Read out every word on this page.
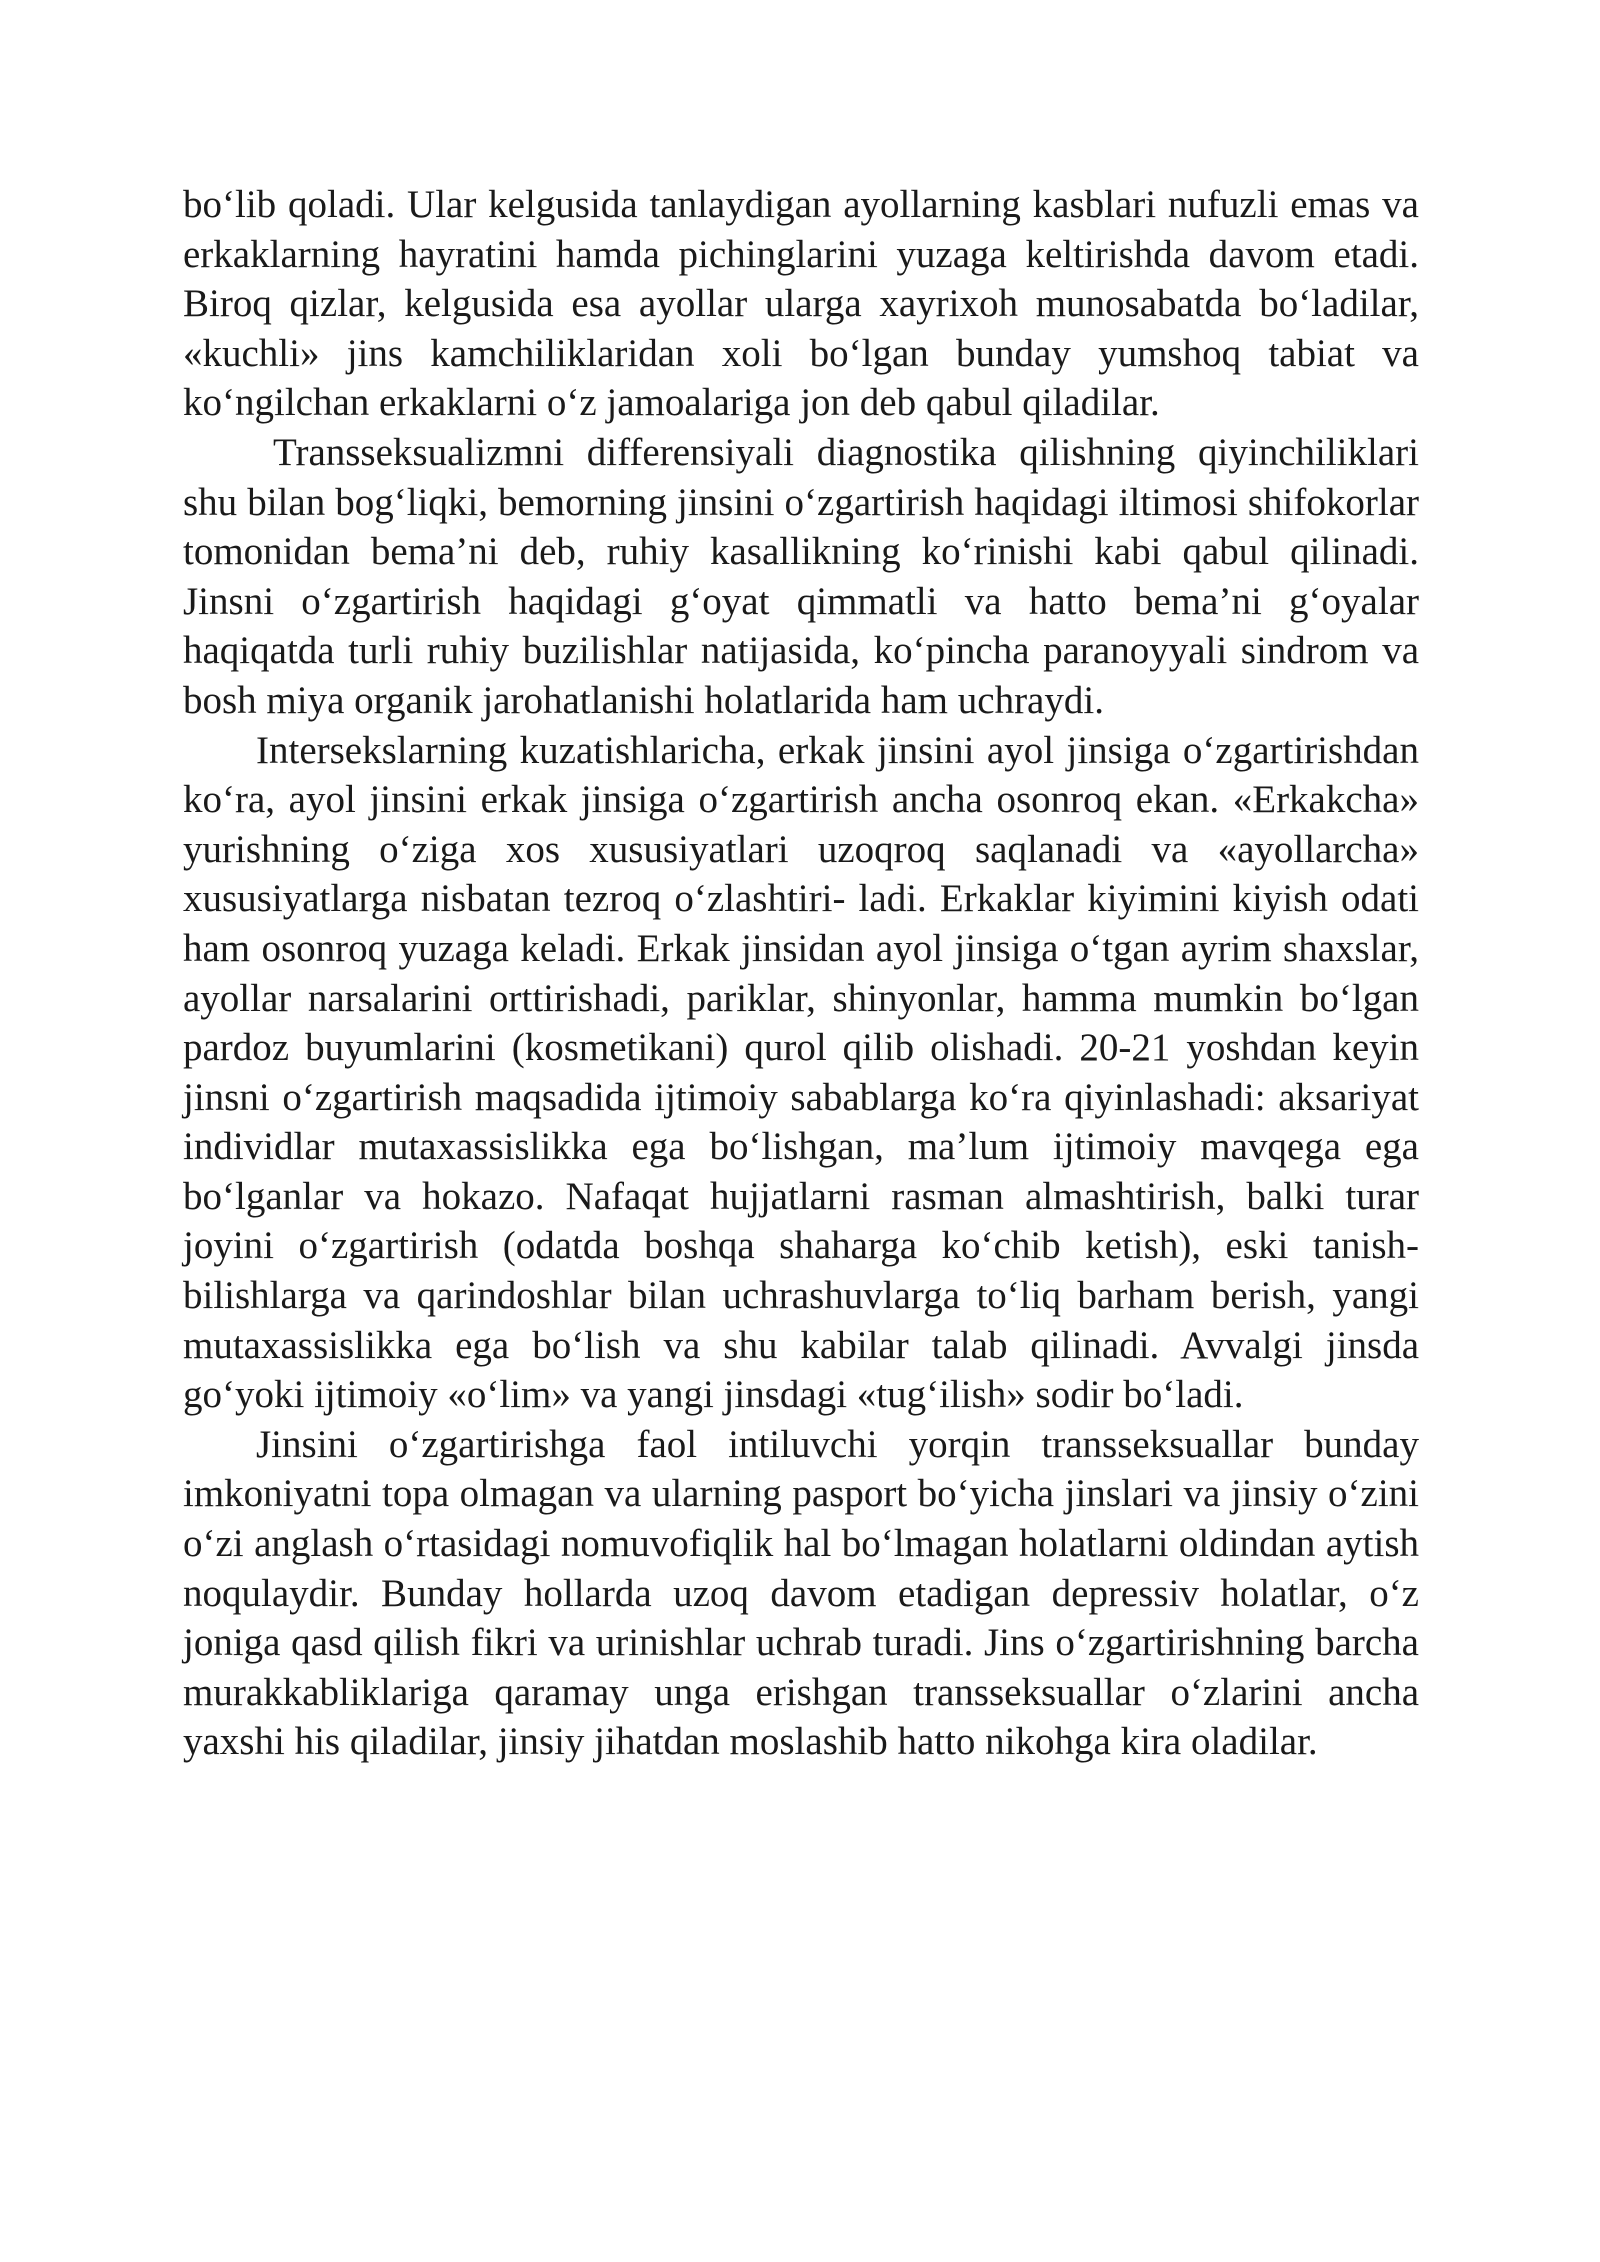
bo‘lib qoladi. Ular kelgusida tanlaydigan ayollarning kasblari nufuzli emas va erkaklarning hayratini hamda pichinglarini yuzaga keltirishda davom etadi. Biroq qizlar, kelgusida esa ayollar ularga xayrixoh munosabatda bo‘ladilar, «kuchli» jins kamchiliklaridan xoli bo‘lgan bunday yumshoq tabiat va ko‘ngilchan erkaklarni o‘z jamoalariga jon deb qabul qiladilar.

Transseksualizmni differensiyali diagnostika qilishning qiyinchiliklari shu bilan bog‘liqki, bemorning jinsini o‘zgartirish haqidagi iltimosi shifokorlar tomonidan bema’ni deb, ruhiy kasallikning ko‘rinishi kabi qabul qilinadi. Jinsni o‘zgartirish haqidagi g‘oyat qimmatli va hatto bema’ni g‘oyalar haqiqatda turli ruhiy buzilishlar natijasida, ko‘pincha paranoyyali sindrom va bosh miya organik jarohatlanishi holatlarida ham uchraydi.

Intersekslarning kuzatishlaricha, erkak jinsini ayol jinsiga o‘zgartirishdan ko‘ra, ayol jinsini erkak jinsiga o‘zgartirish ancha osonroq ekan. «Erkakcha» yurishning o‘ziga xos xususiyatlari uzoqroq saqlanadi va «ayollarcha» xususiyatlarga nisbatan tezroq o‘zlashtiri- ladi. Erkaklar kiyimini kiyish odati ham osonroq yuzaga keladi. Erkak jinsidan ayol jinsiga o‘tgan ayrim shaxslar, ayollar narsalarini orttirishadi, pariklar, shinyonlar, hamma mumkin bo‘lgan pardoz buyumlarini (kosmetikani) qurol qilib olishadi. 20-21 yoshdan keyin jinsni o‘zgartirish maqsadida ijtimoiy sabablarga ko‘ra qiyinlashadi: aksariyat individlar mutaxassislikka ega bo‘lishgan, ma’lum ijtimoiy mavqega ega bo‘lganlar va hokazo. Nafaqat hujjatlarni rasman almashtirish, balki turar joyini o‘zgartirish (odatda boshqa shaharga ko‘chib ketish), eski tanish-bilishlarga va qarindoshlar bilan uchrashuvlarga to‘liq barham berish, yangi mutaxassislikka ega bo‘lish va shu kabilar talab qilinadi. Avvalgi jinsda go‘yoki ijtimoiy «o‘lim» va yangi jinsdagi «tug‘ilish» sodir bo‘ladi.

Jinsini o‘zgartirishga faol intiluvchi yorqin transseksuallar bunday imkoniyatni topa olmagan va ularning pasport bo‘yicha jinslari va jinsiy o‘zini o‘zi anglash o‘rtasidagi nomuvofiqlik hal bo‘lmagan holatlarni oldindan aytish noqulaydir. Bunday hollarda uzoq davom etadigan depressiv holatlar, o‘z joniga qasd qilish fikri va urinishlar uchrab turadi. Jins o‘zgartirishning barcha murakkabliklariga qaramay unga erishgan transseksuallar o‘zlarini ancha yaxshi his qiladilar, jinsiy jihatdan moslashib hatto nikohga kira oladilar.
